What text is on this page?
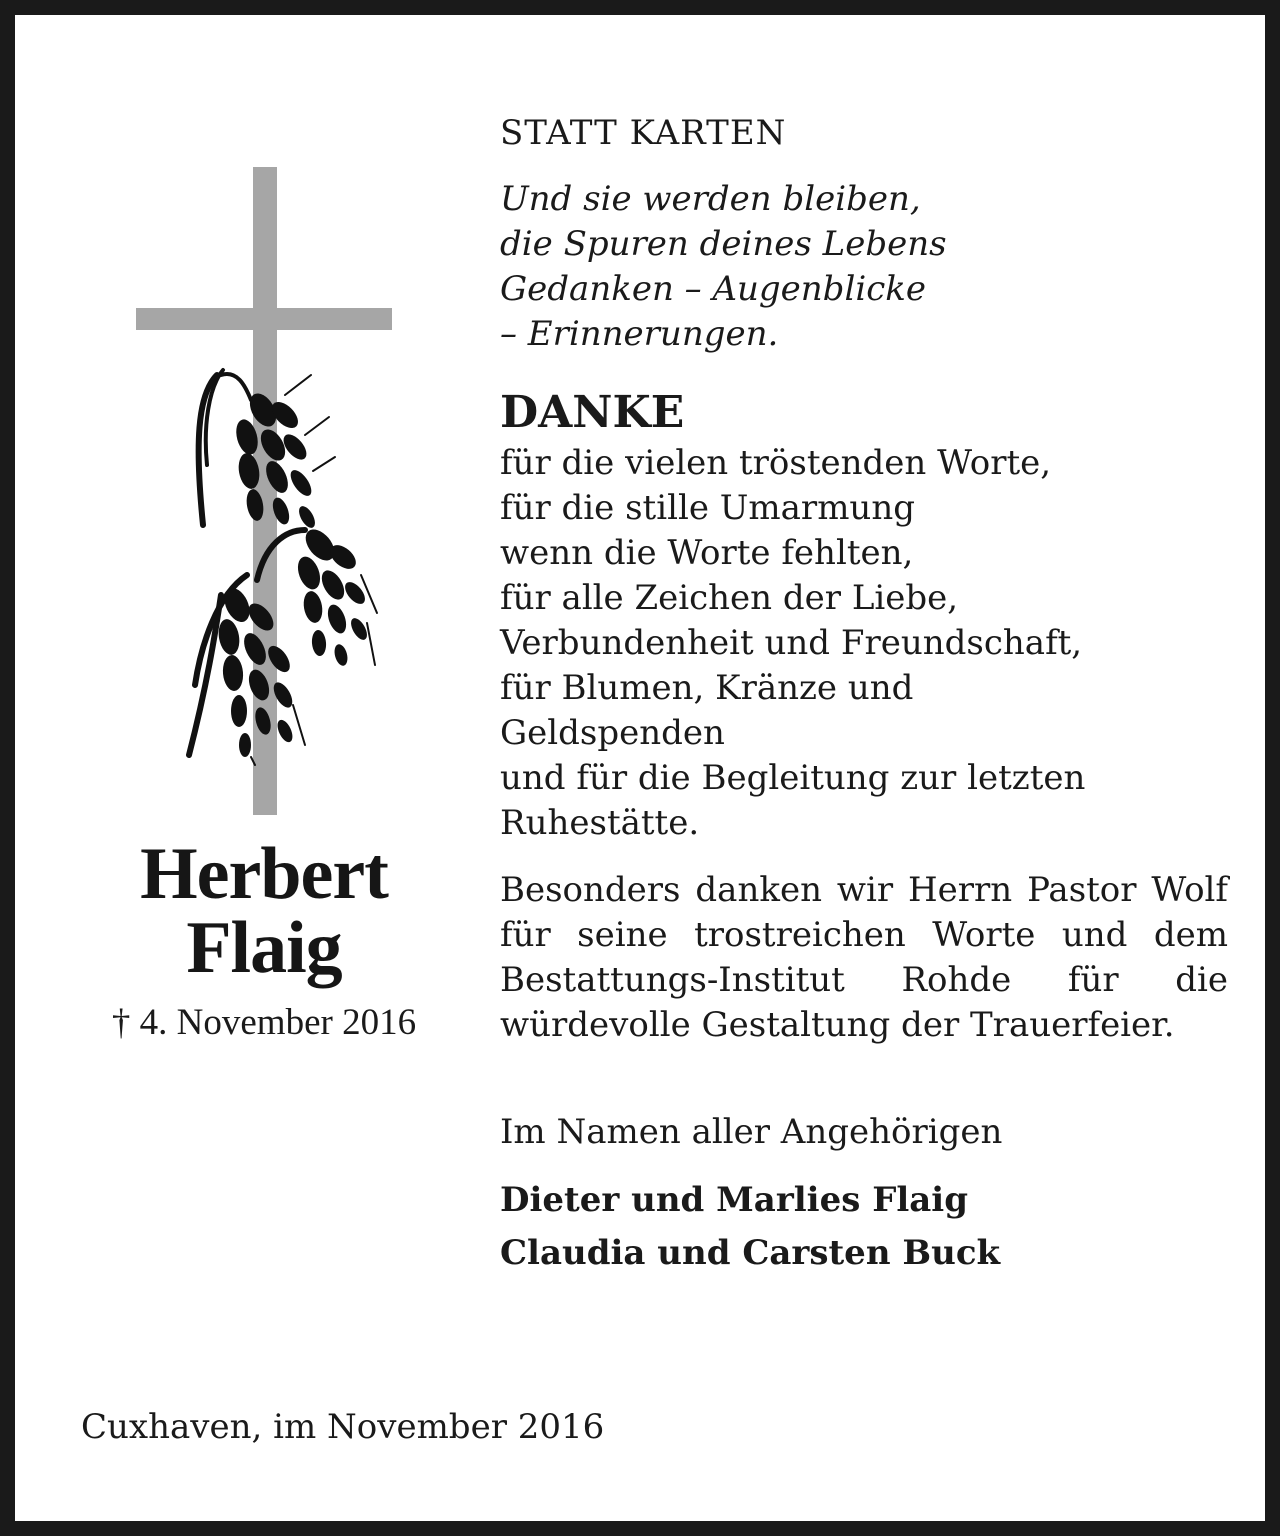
Herbert
Flaig
† 4. November 2016

STATT KARTEN

Und sie werden bleiben,
die Spuren deines Lebens
Gedanken – Augenblicke
– Erinnerungen.

DANKE

für die vielen tröstenden Worte,
für die stille Umarmung
wenn die Worte fehlten,
für alle Zeichen der Liebe,
Verbundenheit und Freundschaft,
für Blumen, Kränze und
Geldspenden
und für die Begleitung zur letzten
Ruhestätte.
Besonders danken wir Herrn Pastor Wolf für seine trostreichen Worte und dem Bestattungs-Institut Rohde für die würdevolle Gestaltung der Trauerfeier.
Im Namen aller Angehörigen
Dieter und Marlies Flaig
Claudia und Carsten Buck
Cuxhaven, im November 2016
